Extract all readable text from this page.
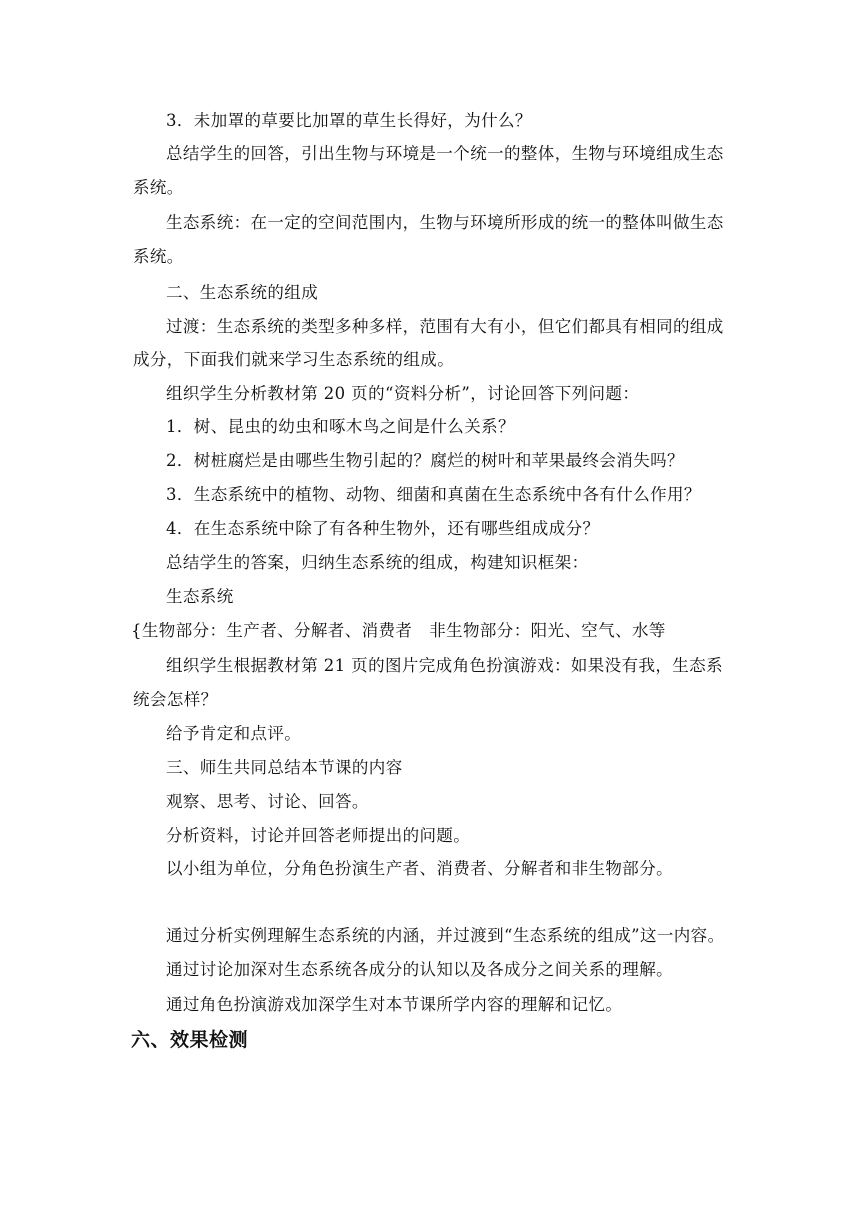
3．未加罩的草要比加罩的草生长得好，为什么？
总结学生的回答，引出生物与环境是一个统一的整体，生物与环境组成生态
系统。
生态系统：在一定的空间范围内，生物与环境所形成的统一的整体叫做生态
系统。
二、生态系统的组成
过渡：生态系统的类型多种多样，范围有大有小，但它们都具有相同的组成
成分，下面我们就来学习生态系统的组成。
组织学生分析教材第 20 页的“资料分析”，讨论回答下列问题：
1．树、昆虫的幼虫和啄木鸟之间是什么关系？
2．树桩腐烂是由哪些生物引起的？腐烂的树叶和苹果最终会消失吗？
3．生态系统中的植物、动物、细菌和真菌在生态系统中各有什么作用？
4．在生态系统中除了有各种生物外，还有哪些组成成分？
总结学生的答案，归纳生态系统的组成，构建知识框架：
生态系统
{生物部分：生产者、分解者、消费者　非生物部分：阳光、空气、水等
组织学生根据教材第 21 页的图片完成角色扮演游戏：如果没有我，生态系
统会怎样？
给予肯定和点评。
三、师生共同总结本节课的内容
观察、思考、讨论、回答。
分析资料，讨论并回答老师提出的问题。
以小组为单位，分角色扮演生产者、消费者、分解者和非生物部分。
通过分析实例理解生态系统的内涵，并过渡到“生态系统的组成”这一内容。
通过讨论加深对生态系统各成分的认知以及各成分之间关系的理解。
通过角色扮演游戏加深学生对本节课所学内容的理解和记忆。
六、效果检测
